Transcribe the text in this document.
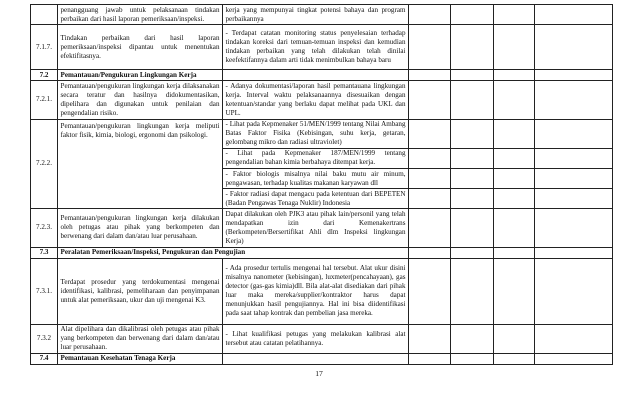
	penangguang jawab untuk pelaksanaan tindakan perbaikan dari hasil laporan pemeriksaan/inspeksi.	kerja yang mempunyai tingkat potensi bahaya dan program perbaikannya				
7.1.7.	Tindakan perbaikan dari hasil laporan pemeriksaan/inspeksi dipantau untuk menentukan efektifitasnya.	- Terdapat catatan monitoring status penyelesaian terhadap tindakan koreksi dari temuan-temuan inspeksi dan kemudian tindakan perbaikan yang telah dilakukan telah dinilai keefektifannya dalam arti tidak menimbulkan bahaya baru				
7.2	Pemantauan/Pengukuran Lingkungan Kerja					
7.2.1.	Pemantauan/pengukuran lingkungan kerja dilaksanakan secara teratur dan hasilnya didokumentasikan, dipelihara dan digunakan untuk penilaian dan pengendalian risiko.	- Adanya dokumentasi/laporan hasil pemantauana lingkungan kerja. Interval waktu pelaksanaannya disesuaikan dengan ketentuan/standar yang berlaku dapat melihat pada UKL dan UPL.				
7.2.2.	Pemantauan/pengukuran lingkungan kerja meliputi faktor fisik, kimia, biologi, ergonomi dan psikologi.	- Lihat pada Kepmenaker 51/MEN/1999 tentang Nilai Ambang Batas Faktor Fisika (Kebisingan, suhu kerja, getaran, gelombang mikro dan radiasi ultraviolet)				
		- Lihat pada Kepmenaker 187/MEN/1999 tentang pengendalian bahan kimia berbahaya ditempat kerja.				
		- Faktor biologis misalnya nilai baku mutu air minum, pengawasan, terhadap kualitas makanan karyawan dll				
		- Faktor radiasi dapat mengacu pada ketentuan dari BEPETEN (Badan Pengawas Tenaga Nuklir) Indonesia				
7.2.3.	Pemantauan/pengukuran lingkungan kerja dilakukan oleh petugas atau pihak yang berkompeten dan berwenang dari dalam dan/atau luar perusahaan.	Dapat dilakukan oleh PJK3 atau pihak lain/personil yang telah mendapatkan izin dari Kemenakertrans (Berkompeten/Bersertifikat Ahli dlm Inspeksi lingkungan Kerja)				
7.3	Peralatan Pemeriksaan/Inspeksi, Pengukuran dan Pengujian					
7.3.1.	Terdapat prosedur yang terdokumentasi mengenai identifikasi, kalibrasi, pemeliharaan dan penyimpanan untuk alat pemeriksaan, ukur dan uji mengenai K3.	- Ada prosedur tertulis mengenai hal tersebut. Alat ukur disini misalnya nanometer (kebisingan), luxmeter(pencahayaan), gas detector (gas-gas kimia)dll. Bila alat-alat disediakan dari pihak luar maka mereka/supplier/kontraktor harus dapat menunjukkan hasil pengujiannya. Hal ini bisa diidentifikasi pada saat tahap kontrak dan pembelian jasa mereka.				
7.3.2	Alat dipelihara dan dikalibrasi oleh petugas atau pihak yang berkompeten dan berwenang dari dalam dan/atau luar perusahaan.	- Lihat kualifikasi petugas yang melakukan kalibrasi alat tersebut atau catatan pelatihannya.				
7.4	Pemantauan Kesehatan Tenaga Kerja					
17
